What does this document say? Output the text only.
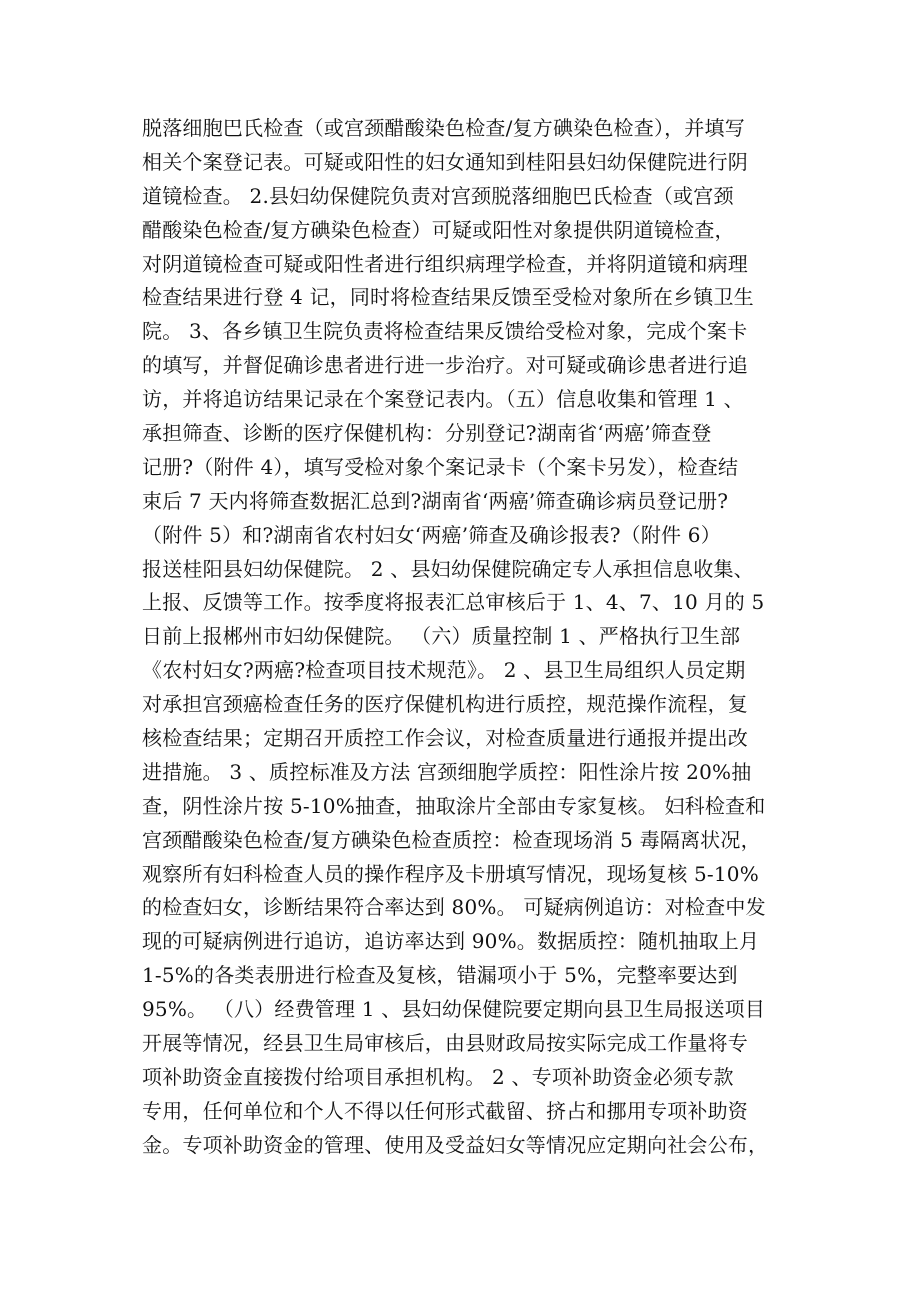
脱落细胞巴氏检查（或宫颈醋酸染色检查/复方碘染色检查），并填写
相关个案登记表。可疑或阳性的妇女通知到桂阳县妇幼保健院进行阴
道镜检查。 2.县妇幼保健院负责对宫颈脱落细胞巴氏检查（或宫颈
醋酸染色检查/复方碘染色检查）可疑或阳性对象提供阴道镜检查，
对阴道镜检查可疑或阳性者进行组织病理学检查，并将阴道镜和病理
检查结果进行登 4 记，同时将检查结果反馈至受检对象所在乡镇卫生
院。 3、各乡镇卫生院负责将检查结果反馈给受检对象，完成个案卡
的填写，并督促确诊患者进行进一步治疗。对可疑或确诊患者进行追
访，并将追访结果记录在个案登记表内。（五）信息收集和管理 1 、
承担筛查、诊断的医疗保健机构：分别登记?湖南省‘两癌’筛查登
记册?（附件 4），填写受检对象个案记录卡（个案卡另发），检查结
束后 7 天内将筛查数据汇总到?湖南省‘两癌’筛查确诊病员登记册?
（附件 5）和?湖南省农村妇女‘两癌’筛查及确诊报表?（附件 6）
报送桂阳县妇幼保健院。 2 、县妇幼保健院确定专人承担信息收集、
上报、反馈等工作。按季度将报表汇总审核后于 1、4、7、10 月的 5
日前上报郴州市妇幼保健院。 （六）质量控制 1 、严格执行卫生部
《农村妇女?两癌?检查项目技术规范》。 2 、县卫生局组织人员定期
对承担宫颈癌检查任务的医疗保健机构进行质控，规范操作流程，复
核检查结果；定期召开质控工作会议，对检查质量进行通报并提出改
进措施。 3 、质控标准及方法 宫颈细胞学质控：阳性涂片按 20%抽
查，阴性涂片按 5-10%抽查，抽取涂片全部由专家复核。 妇科检查和
宫颈醋酸染色检查/复方碘染色检查质控：检查现场消 5 毒隔离状况，
观察所有妇科检查人员的操作程序及卡册填写情况，现场复核 5-10%
的检查妇女，诊断结果符合率达到 80%。 可疑病例追访：对检查中发
现的可疑病例进行追访，追访率达到 90%。数据质控：随机抽取上月
1-5%的各类表册进行检查及复核，错漏项小于 5%，完整率要达到
95%。 （八）经费管理 1 、县妇幼保健院要定期向县卫生局报送项目
开展等情况，经县卫生局审核后，由县财政局按实际完成工作量将专
项补助资金直接拨付给项目承担机构。 2 、专项补助资金必须专款
专用，任何单位和个人不得以任何形式截留、挤占和挪用专项补助资
金。专项补助资金的管理、使用及受益妇女等情况应定期向社会公布，
